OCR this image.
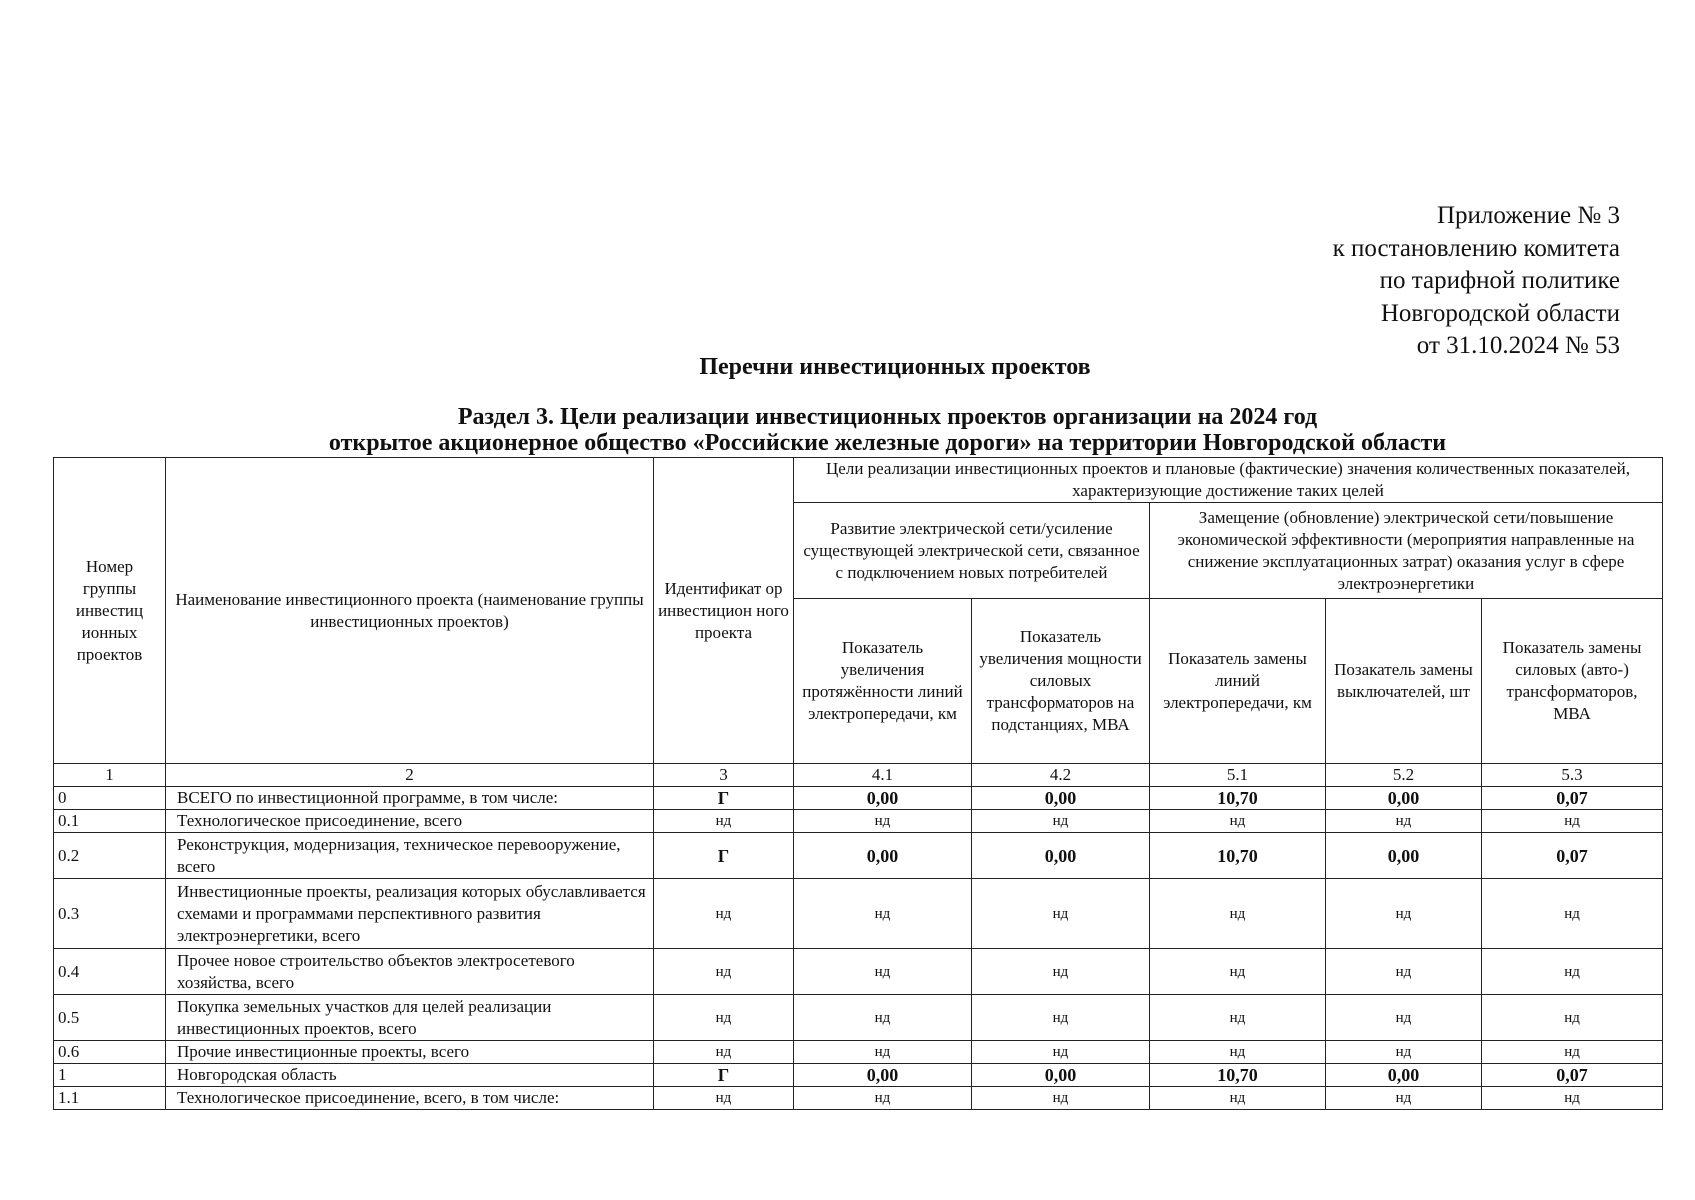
Приложение № 3
к постановлению комитета
по тарифной политике
Новгородской области
от 31.10.2024 № 53
Перечни инвестиционных проектов
Раздел 3. Цели реализации инвестиционных проектов организации на 2024 год
открытое акционерное общество «Российские железные дороги» на территории Новгородской области
Номер группы инвестиц ионных проектов	Наименование инвестиционного проекта (наименование группы инвестиционных проектов)	Идентификат ор инвестицион ного проекта	Цели реализации инвестиционных проектов и плановые (фактические) значения количественных показателей, характеризующие достижение таких целей				
			Развитие электрической сети/усиление существующей электрической сети, связанное с подключением новых потребителей		Замещение (обновление) электрической сети/повышение экономической эффективности (мероприятия направленные на снижение эксплуатационных затрат) оказания услуг в сфере электроэнергетики		
			Показатель увеличения протяжённости линий электропередачи, км	Показатель увеличения мощности силовых трансформаторов на подстанциях, МВА	Показатель замены линий электропередачи, км	Позакатель замены выключателей, шт	Показатель замены силовых (авто-) трансформаторов, МВА
1	2	3	4.1	4.2	5.1	5.2	5.3
0	ВСЕГО по инвестиционной программе, в том числе:	Г	0,00	0,00	10,70	0,00	0,07
0.1	Технологическое присоединение, всего	нд	нд	нд	нд	нд	нд
0.2	Реконструкция, модернизация, техническое перевооружение, всего	Г	0,00	0,00	10,70	0,00	0,07
0.3	Инвестиционные проекты, реализация которых обуславливается схемами и программами перспективного развития электроэнергетики, всего	нд	нд	нд	нд	нд	нд
0.4	Прочее новое строительство объектов электросетевого хозяйства, всего	нд	нд	нд	нд	нд	нд
0.5	Покупка земельных участков для целей реализации инвестиционных проектов, всего	нд	нд	нд	нд	нд	нд
0.6	Прочие инвестиционные проекты, всего	нд	нд	нд	нд	нд	нд
1	Новгородская область	Г	0,00	0,00	10,70	0,00	0,07
1.1	Технологическое присоединение, всего, в том числе:	нд	нд	нд	нд	нд	нд
